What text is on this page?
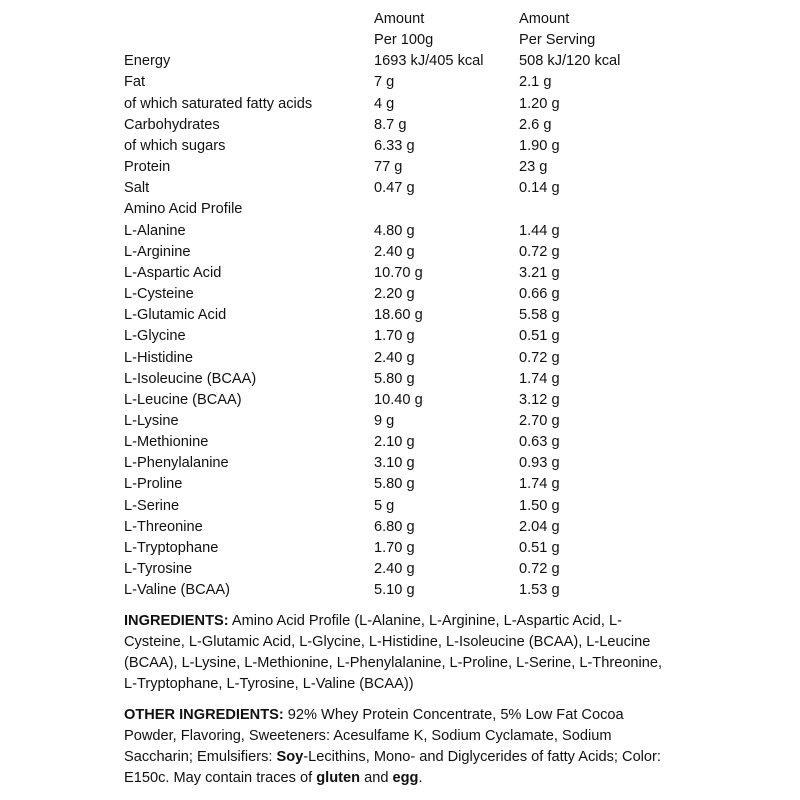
	Amount	Amount
	Per 100g	Per Serving
Energy	1693 kJ/405 kcal	508 kJ/120 kcal
Fat	7 g	2.1 g
of which saturated fatty acids	4 g	1.20 g
Carbohydrates	8.7 g	2.6 g
of which sugars	6.33 g	1.90 g
Protein	77 g	23 g
Salt	0.47 g	0.14 g
Amino Acid Profile		
L-Alanine	4.80 g	1.44 g
L-Arginine	2.40 g	0.72 g
L-Aspartic Acid	10.70 g	3.21 g
L-Cysteine	2.20 g	0.66 g
L-Glutamic Acid	18.60 g	5.58 g
L-Glycine	1.70 g	0.51 g
L-Histidine	2.40 g	0.72 g
L-Isoleucine (BCAA)	5.80 g	1.74 g
L-Leucine (BCAA)	10.40 g	3.12 g
L-Lysine	9 g	2.70 g
L-Methionine	2.10 g	0.63 g
L-Phenylalanine	3.10 g	0.93 g
L-Proline	5.80 g	1.74 g
L-Serine	5 g	1.50 g
L-Threonine	6.80 g	2.04 g
L-Tryptophane	1.70 g	0.51 g
L-Tyrosine	2.40 g	0.72 g
L-Valine (BCAA)	5.10 g	1.53 g

INGREDIENTS: Amino Acid Profile (L-Alanine, L-Arginine, L-Aspartic Acid, L-Cysteine, L-Glutamic Acid, L-Glycine, L-Histidine, L-Isoleucine (BCAA), L-Leucine (BCAA), L-Lysine, L-Methionine, L-Phenylalanine, L-Proline, L-Serine, L-Threonine, L-Tryptophane, L-Tyrosine, L-Valine (BCAA))

OTHER INGREDIENTS: 92% Whey Protein Concentrate, 5% Low Fat Cocoa Powder, Flavoring, Sweeteners: Acesulfame K, Sodium Cyclamate, Sodium Saccharin; Emulsifiers: Soy-Lecithins, Mono- and Diglycerides of fatty Acids; Color: E150c. May contain traces of gluten and egg.
